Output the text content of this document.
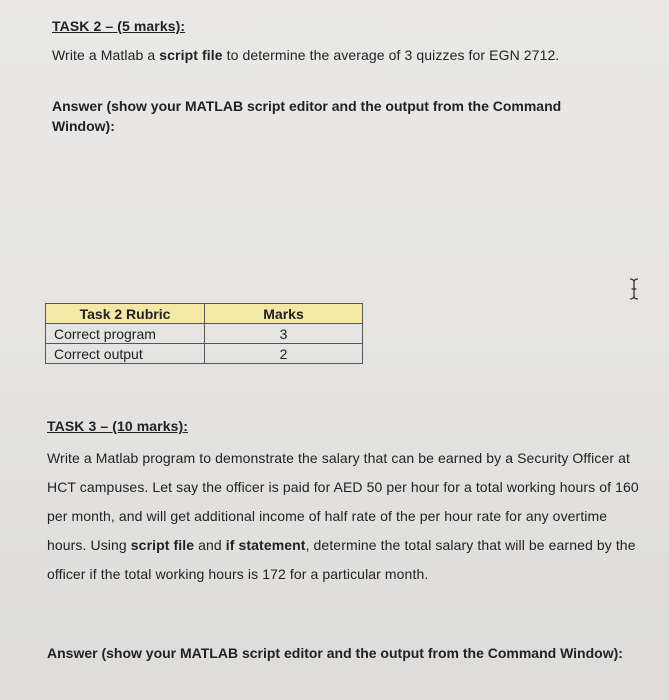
TASK 2 – (5 marks):
Write a Matlab a script file to determine the average of 3 quizzes for EGN 2712.
Answer (show your MATLAB script editor and the output from the Command Window):
Task 2 Rubric	Marks
Correct program	3
Correct output	2
TASK 3 – (10 marks):
Write a Matlab program to demonstrate the salary that can be earned by a Security Officer at HCT campuses. Let say the officer is paid for AED 50 per hour for a total working hours of 160 per month, and will get additional income of half rate of the per hour rate for any overtime hours. Using script file and if statement, determine the total salary that will be earned by the officer if the total working hours is 172 for a particular month.
Answer (show your MATLAB script editor and the output from the Command Window):
